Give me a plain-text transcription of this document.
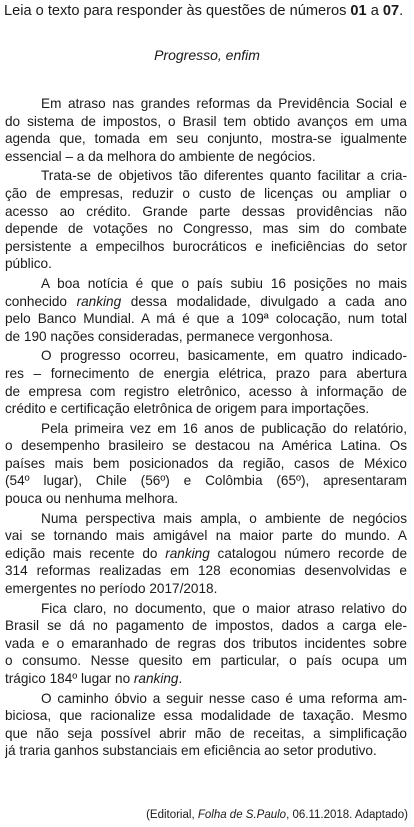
Leia o texto para responder às questões de números 01 a 07.
Progresso, enfim
Em atraso nas grandes reformas da Previdência Social e
do sistema de impostos, o Brasil tem obtido avanços em uma
agenda que, tomada em seu conjunto, mostra-se igualmente
essencial – a da melhora do ambiente de negócios.
Trata-se de objetivos tão diferentes quanto facilitar a cria-
ção de empresas, reduzir o custo de licenças ou ampliar o
acesso ao crédito. Grande parte dessas providências não
depende de votações no Congresso, mas sim do combate
persistente a empecilhos burocráticos e ineficiências do setor
público.
A boa notícia é que o país subiu 16 posições no mais
conhecido ranking dessa modalidade, divulgado a cada ano
pelo Banco Mundial. A má é que a 109ª colocação, num total
de 190 nações consideradas, permanece vergonhosa.
O progresso ocorreu, basicamente, em quatro indicado-
res – fornecimento de energia elétrica, prazo para abertura
de empresa com registro eletrônico, acesso à informação de
crédito e certificação eletrônica de origem para importações.
Pela primeira vez em 16 anos de publicação do relatório,
o desempenho brasileiro se destacou na América Latina. Os
países mais bem posicionados da região, casos de México
(54º lugar), Chile (56º) e Colômbia (65º), apresentaram
pouca ou nenhuma melhora.
Numa perspectiva mais ampla, o ambiente de negócios
vai se tornando mais amigável na maior parte do mundo. A
edição mais recente do ranking catalogou número recorde de
314 reformas realizadas em 128 economias desenvolvidas e
emergentes no período 2017/2018.
Fica claro, no documento, que o maior atraso relativo do
Brasil se dá no pagamento de impostos, dados a carga ele-
vada e o emaranhado de regras dos tributos incidentes sobre
o consumo. Nesse quesito em particular, o país ocupa um
trágico 184º lugar no ranking.
O caminho óbvio a seguir nesse caso é uma reforma am-
biciosa, que racionalize essa modalidade de taxação. Mesmo
que não seja possível abrir mão de receitas, a simplificação
já traria ganhos substanciais em eficiência ao setor produtivo.
(Editorial, Folha de S.Paulo, 06.11.2018. Adaptado)
